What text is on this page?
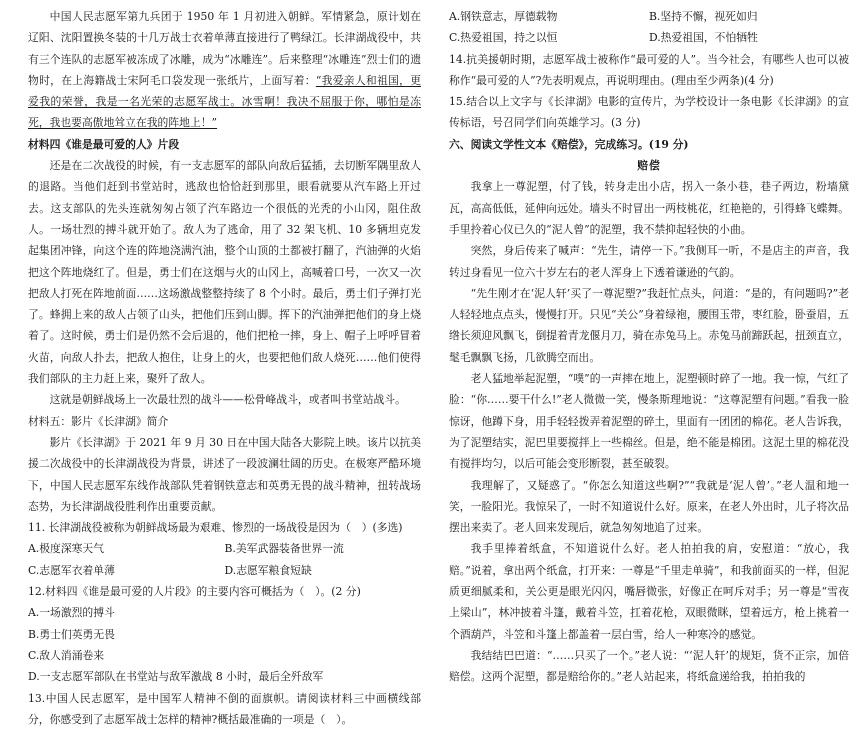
中国人民志愿军第九兵团于 1950 年 1 月初进入朝鲜。军情紧急，原计划在辽阳、沈阳置换冬装的十几万战士衣着单薄直接进行了鸭绿江。长津湖战役中，共有三个连队的志愿军被冻成了冰雕，成为“冰雕连”。后来整理“冰雕连”烈士们的遗物时，在上海籍战士宋阿毛口袋发现一张纸片，上面写着：“我爱亲人和祖国，更爱我的荣誉，我是一名光荣的志愿军战士。冰雪啊！我决不屈服于你，哪怕是冻死，我也要高傲地耸立在我的阵地上！”

材料四《谁是最可爱的人》片段

还是在二次战役的时候，有一支志愿军的部队向敌后猛插，去切断军隅里敌人的退路。当他们赶到书堂站时，逃敌也恰恰赶到那里，眼看就要从汽车路上开过去。这支部队的先头连就匆匆占领了汽车路边一个很低的光秃的小山冈，阻住敌人。一场壮烈的搏斗就开始了。敌人为了逃命，用了 32 架飞机、10 多辆坦克发起集团冲锋，向这个连的阵地浇满汽油，整个山顶的土都被打翻了，汽油弹的火焰把这个阵地烧红了。但是，勇士们在这烟与火的山冈上，高喊着口号，一次又一次把敌人打死在阵地前面……这场激战整整持续了 8 个小时。最后，勇士们子弹打光了。蜂拥上来的敌人占领了山头，把他们压到山脚。挥下的汽油弹把他们的身上烧着了。这时候，勇士们是仍然不会后退的，他们把枪一摔，身上、帽子上呼呼冒着火苗，向敌人扑去，把敌人抱住，让身上的火，也要把他们敌人烧死……他们使得我们部队的主力赶上来，聚歼了敌人。

这就是朝鲜战场上一次最壮烈的战斗——松骨峰战斗，或者叫书堂站战斗。

材料五：影片《长津湖》简介

影片《长津湖》于 2021 年 9 月 30 日在中国大陆各大影院上映。该片以抗美援二次战役中的长津湖战役为背景，讲述了一段波澜壮阔的历史。在极寒严酷环境下，中国人民志愿军东线作战部队凭着钢铁意志和英勇无畏的战斗精神，扭转战场态势，为长津湖战役胜利作出重要贡献。

11. 长津湖战役被称为朝鲜战场最为艰难、惨烈的一场战役是因为（　）(多选)

A.极度深寒天气	B.美军武器装备世界一流
C.志愿军衣着单薄	D.志愿军粮食短缺

12.材料四《谁是最可爱的人片段》的主要内容可概括为（　）。(2 分)

A.一场激烈的搏斗

B.勇士们英勇无畏

C.敌人消涌卷来

D.一支志愿军部队在书堂站与敌军激战 8 小时，最后全歼敌军

13.中国人民志愿军，是中国军人精神不倒的面旗帜。请阅读材料三中画横线部分，你感受到了志愿军战士怎样的精神?概括最准确的一项是（　）。

A.钢铁意志，厚德载物	B.坚持不懈，视死如归
C.热爱祖国，持之以恒	D.热爱祖国，不怕牺牲

14.抗美援朝时期，志愿军战士被称作“最可爱的人”。当今社会，有哪些人也可以被称作“最可爱的人”?先表明观点，再说明理由。(理由至少两条)(4 分)

15.结合以上文字与《长津湖》电影的宣传片，为学校设计一条电影《长津湖》的宣传标语，号召同学们向英雄学习。(3 分)

六、阅读文学性文本《赔偿》，完成练习。(19 分)

赔偿

我拿上一尊泥塑，付了钱，转身走出小店，拐入一条小巷，巷子两边，粉墙黛瓦，高高低低，延伸向远处。墙头不时冒出一两枝桃花，红艳艳的，引得蜂飞蝶舞。手里拎着心仪已久的“泥人曾”的泥塑，我不禁抑起轻快的小曲。

突然，身后传来了喊声：“先生，请停一下。”我侧耳一听，不是店主的声音，我转过身看见一位六十岁左右的老人浑身上下透着谦逊的气韵。

“先生刚才在‘泥人轩’买了一尊泥塑?”我赶忙点头，问道：“是的，有问题吗?”老人轻轻地点点头，慢慢打开。只见“关公”身着绿袍，腰围玉带，枣红脸，卧蚕眉，五绺长须迎风飘飞，倒提着青龙偃月刀，骑在赤兔马上。赤兔马前蹄跃起，扭颈直立，髦毛飘飘飞扬，几欲腾空而出。

老人猛地举起泥塑，“噗”的一声摔在地上，泥塑顿时碎了一地。我一惊，气红了脸：“你……要干什么!”老人微微一笑，慢条斯理地说：“这尊泥塑有问题。”看我一脸惊讶，他蹲下身，用手轻轻拨弄着泥塑的碎土，里面有一团团的棉花。老人告诉我，为了泥塑结实，泥巴里要搅拌上一些棉丝。但是，绝不能是棉团。这泥土里的棉花没有搅拌均匀，以后可能会变形断裂，甚至破裂。

我理解了，又疑惑了。“你怎么知道这些啊?”“我就是‘泥人曾’。”老人温和地一笑，一脸阳光。我惊呆了，一时不知道说什么好。原来，在老人外出时，儿子将次品摆出来卖了。老人回来发现后，就急匆匆地追了过来。

我手里捧着纸盒，不知道说什么好。老人拍拍我的肩，安慰道：“放心，我赔。”说着，拿出两个纸盒，打开来：一尊是“千里走单骑”，和我前面买的一样，但泥质更细腻柔和，关公更是眼光闪闪，嘴唇微张，好像正在呵斥对手；另一尊是“雪夜上梁山”，林冲披着斗篷，戴着斗笠，扛着花枪，双眼微眯，望着远方，枪上挑着一个酒葫芦，斗笠和斗篷上都盖着一层白雪，给人一种寒冷的感觉。

我结结巴巴道：“……只买了一个。”老人说：“‘泥人轩’的规矩，货不正宗，加倍赔偿。这两个泥塑，都是赔给你的。”老人站起来，将纸盒递给我，拍拍我的
